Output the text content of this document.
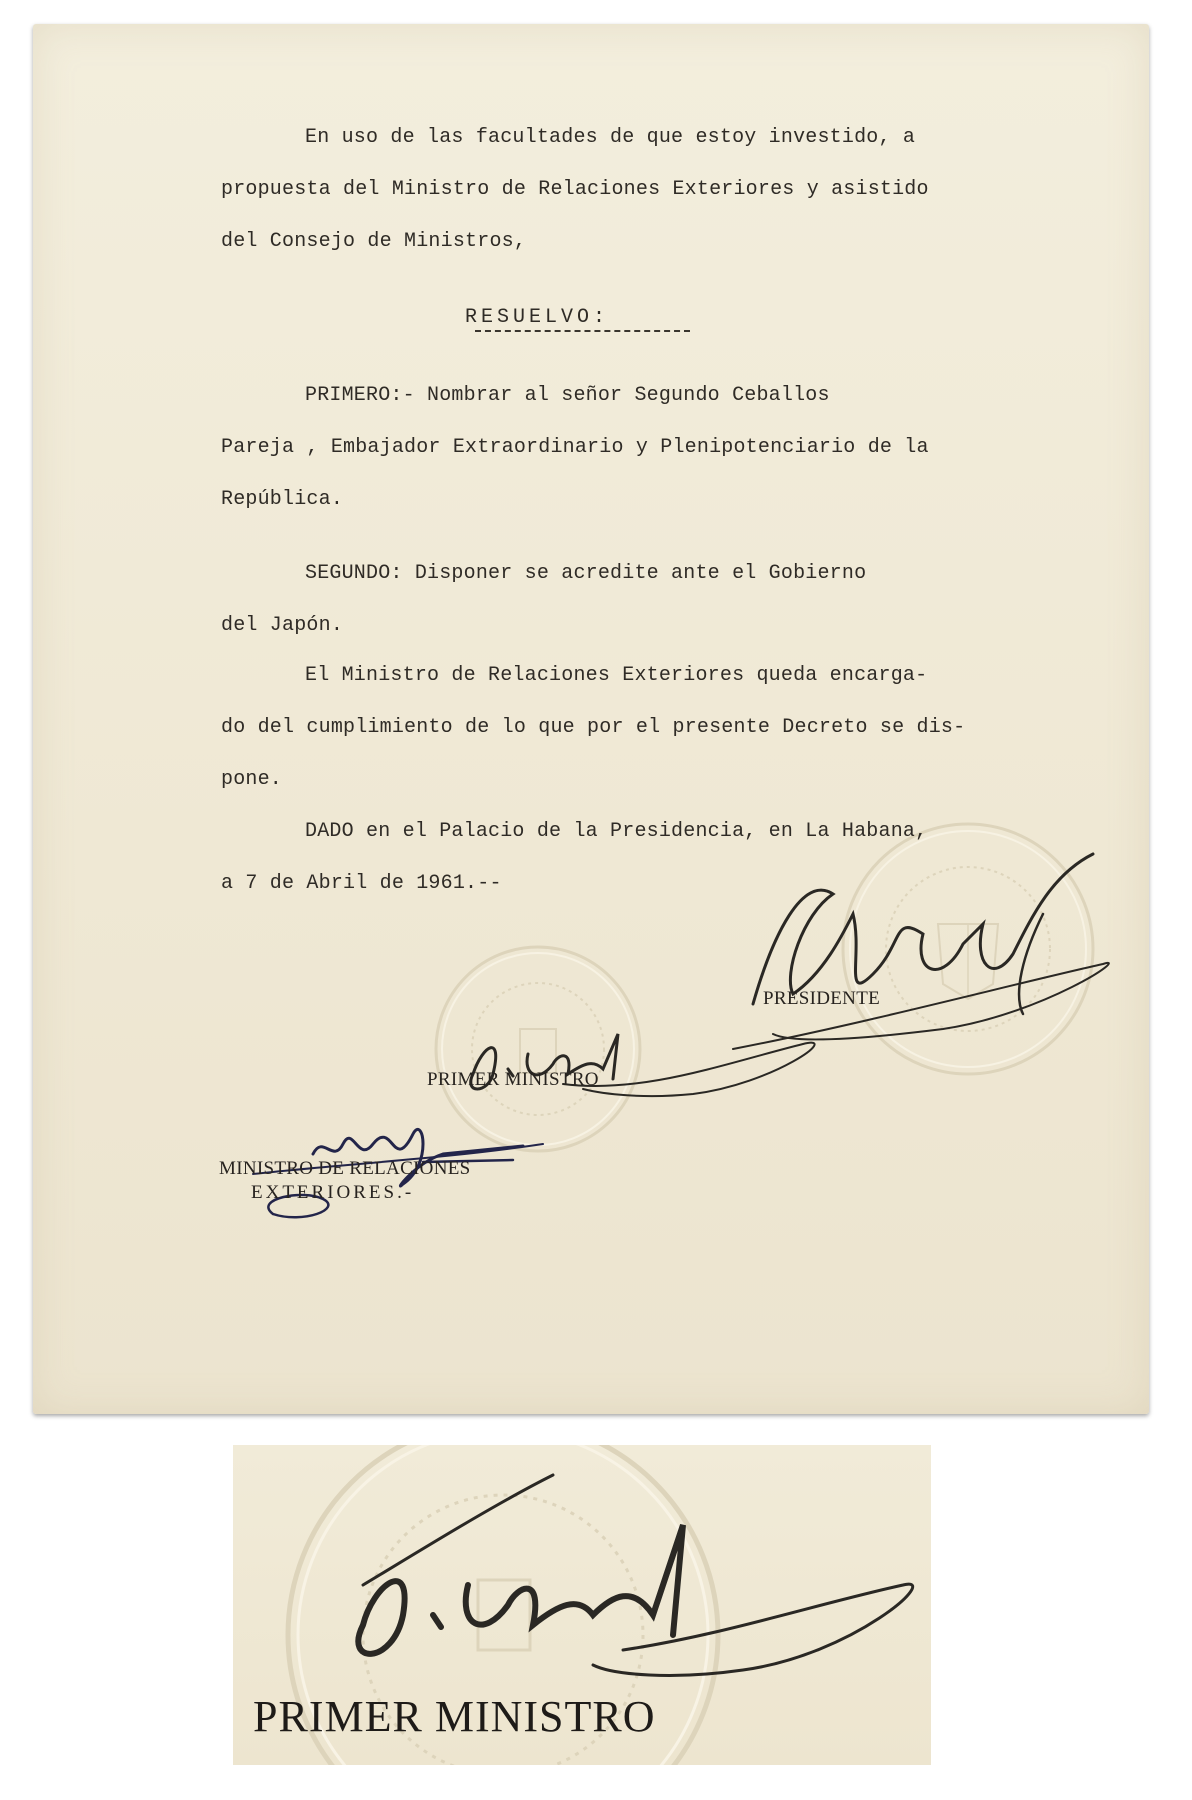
En uso de las facultades de que estoy investido, a
propuesta del Ministro de Relaciones Exteriores y asistido
del Consejo de Ministros,
RESUELVO:
PRIMERO:- Nombrar al señor Segundo Ceballos
Pareja , Embajador Extraordinario y Plenipotenciario de la
República.
SEGUNDO: Disponer se acredite ante el Gobierno
del Japón.
El Ministro de Relaciones Exteriores queda encarga-
do del cumplimiento de lo que por el presente Decreto se dis-
pone.
DADO en el Palacio de la Presidencia, en La Habana,
a 7 de Abril de 1961.--
PRESIDENTE
PRIMER MINISTRO
MINISTRO DE RELACIONES
EXTERIORES.-
PRIMER MINISTRO
